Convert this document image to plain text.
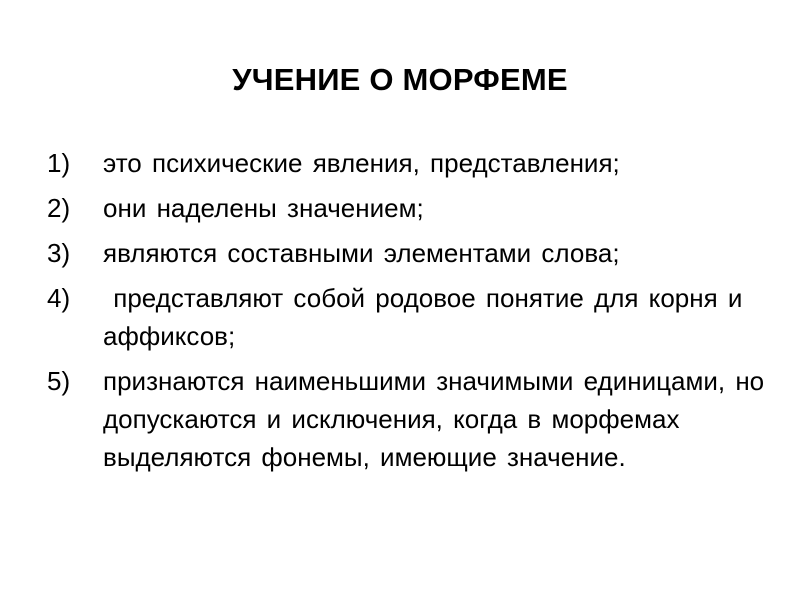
УЧЕНИЕ О МОРФЕМЕ
1)	это психические явления, представления;
2)	они наделены значением;
3)	являются составными элементами слова;
4)	представляют собой родовое понятие для корня и аффиксов;
5)	признаются наименьшими значимыми единицами, но допускаются и исключения, когда в морфемах выделяются фонемы, имеющие значение.
